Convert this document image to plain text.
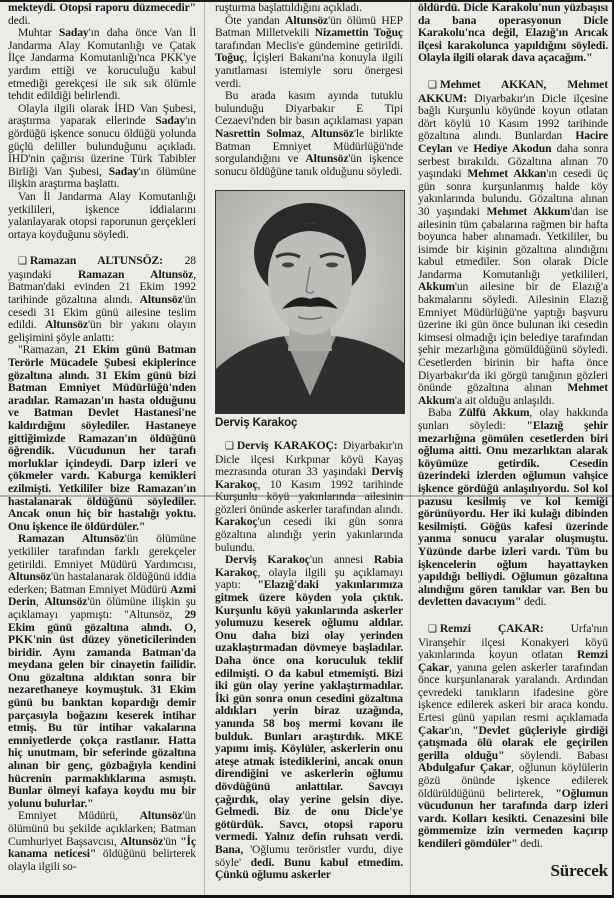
mekteydi. Otopsi raporu düzmecedir" dedi.

Muhtar Saday'ın daha önce Van İl Jandarma Alay Komutanlığı ve Çatak İlçe Jandarma Komutanlığı'nca PKK'ye yardım ettiği ve koruculuğu kabul etmediği gerekçesi ile sık sık ölümle tehdit edildiği belirlendi.

Olayla ilgili olarak İHD Van Şubesi, araştırma yaparak ellerinde Saday'ın gördüğü işkence sonucu öldüğü yolunda güçlü deliller bulunduğunu açıkladı. İHD'nin çağırısı üzerine Türk Tabibler Birliği Van Şubesi, Saday'ın ölümüne ilişkin araştırma başlattı.

Van İl Jandarma Alay Komutanlığı yetkilileri, işkence iddialarını yalanlayarak otopsi raporunun gerçekleri ortaya koyduğunu söyledi.

❑ Ramazan ALTUNSÖZ: 28 yaşındaki Ramazan Altunsöz, Batman'daki evinden 21 Ekim 1992 tarihinde gözaltına alındı. Altunsöz'ün cesedi 31 Ekim günü ailesine teslim edildi. Altunsöz'ün bir yakını olayın gelişimini şöyle anlattı:

"Ramazan, 21 Ekim günü Batman Terörle Mücadele Şubesi ekiplerince gözaltına alındı. 31 Ekim günü bizi Batman Emniyet Müdürlüğü'nden aradılar. Ramazan'ın hasta olduğunu ve Batman Devlet Hastanesi'ne kaldırdığını söylediler. Hastaneye gittiğimizde Ramazan'ın öldüğünü öğrendik. Vücudunun her tarafı morluklar içindeydi. Darp izleri ve çökmeler vardı. Kaburga kemikleri ezilmişti. Yetkililer bize Ramazan'ın hastalanarak öldüğünü söylediler. Ancak onun hiç bir hastalığı yoktu. Onu işkence ile öldürdüler."

Ramazan Altunsöz'ün ölümüne yetkililer tarafından farklı gerekçeler getirildi. Emniyet Müdürü Yardımcısı, Altunsöz'ün hastalanarak öldüğünü iddia ederken; Batman Emniyet Müdürü Azmi Derin, Altunsöz'ün ölümüne ilişkin şu açıklamayı yapmıştı: "Altunsöz, 29 Ekim günü gözaltına alındı. O, PKK'nin üst düzey yöneticilerinden biridir. Aynı zamanda Batman'da meydana gelen bir cinayetin failidir. Onu gözaltına aldıktan sonra bir nezarethaneye koymuştuk. 31 Ekim günü bu banktan kopardığı demir parçasıyla boğazını keserek intihar etmiş. Bu tür intihar vakalarına emniyetlerde çokça rastlanır. Hatta hiç unutmam, bir seferinde gözaltına alınan bir genç, gözbağıyla kendini hücrenin parmaklıklarına asmıştı. Bunlar ölmeyi kafaya koydu mu bir yolunu bulurlar."

Emniyet Müdürü, Altunsöz'ün ölümünü bu şekilde açıklarken; Batman Cumhuriyet Başsavcısı, Altunsöz'ün "İç kanama neticesi" öldüğünü belirterek olayla ilgili so-

ruşturma başlattıldığını açıkladı.

Öte yandan Altunsöz'ün ölümü HEP Batman Milletvekili Nizamettin Toğuç tarafından Meclis'e gündemine getirildi. Toğuç, İçişleri Bakanı'na konuyla ilgili yanıtlaması istemiyle soru önergesi verdi.

Bu arada kasım ayında tutuklu bulunduğu Diyarbakır E Tipi Cezaevi'nden bir basın açıklaması yapan Nasrettin Solmaz, Altunsöz'le birlikte Batman Emniyet Müdürlüğü'nde sorgulandığını ve Altunsöz'ün işkence sonucu öldüğüne tanık olduğunu söyledi.

Derviş Karakoç

❑ Derviş KARAKOÇ: Diyarbakır'ın Dicle ilçesi Kırkpınar köyü Kayaş mezrasında oturan 33 yaşındaki Derviş Karakoç, 10 Kasım 1992 tarihinde Kurşunlu köyü yakınlarında ailesinin gözleri önünde askerler tarafından alındı. Karakoç'un cesedi iki gün sonra gözaltına alındığı yerin yakınlarında bulundu.

Derviş Karakoç'un annesi Rabia Karakoç, olayla ilgili şu açıklamayı yaptı: "Elazığ'daki yakınlarımıza gitmek üzere köyden yola çıktık. Kurşunlu köyü yakınlarında askerler yolumuzu keserek oğlumu aldılar. Onu daha bizi olay yerinden uzaklaştırmadan dövmeye başladılar. Daha önce ona koruculuk teklif edilmişti. O da kabul etmemişti. Bizi iki gün olay yerine yaklaştırmadılar. İki gün sonra onun cesedini gözaltına aldıkları yerin biraz uzağında, yanında 58 boş mermi kovanı ile bulduk. Bunları araştırdık. MKE yapımı imiş. Köylüler, askerlerin onu ateşe atmak istediklerini, ancak onun direndiğini ve askerlerin oğlumu dövdüğünü anlattılar. Savcıyı çağırdık, olay yerine gelsin diye. Gelmedi. Biz de onu Dicle'ye götürdük. Savcı, otopsi raporu vermedi. Yalnız defin ruhsatı verdi. Bana, 'Oğlumu teröristler vurdu, diye söyle' dedi. Bunu kabul etmedim. Çünkü oğlumu askerler

öldürdü. Dicle Karakolu'nun yüzbaşısı da bana operasyonun Dicle Karakolu'nca değil, Elazığ'ın Arıcak ilçesi karakolunca yapıldığını söyledi. Olayla ilgili olarak dava açacağım."

❑ Mehmet AKKAN, Mehmet AKKUM: Diyarbakır'ın Dicle ilçesine bağlı Kurşunlu köyünde koyun otlatan dört köylü 10 Kasım 1992 tarihinde gözaltına alındı. Bunlardan Hacire Ceylan ve Hediye Akodun daha sonra serbest bırakıldı. Gözaltına alınan 70 yaşındaki Mehmet Akkan'ın cesedi üç gün sonra kurşunlanmış halde köy yakınlarında bulundu. Gözaltına alınan 30 yaşındaki Mehmet Akkum'dan ise ailesinin tüm çabalarına rağmen bir hafta boyunca haber alınamadı. Yetkililer, bu isimde bir kişinin gözaltına alındığını kabul etmediler. Son olarak Dicle Jandarma Komutanlığı yetkilileri, Akkum'un ailesine bir de Elazığ'a bakmalarını söyledi. Ailesinin Elazığ Emniyet Müdürlüğü'ne yaptığı başvuru üzerine iki gün önce bulunan iki cesedin kimsesi olmadığı için belediye tarafından şehir mezarlığına gömüldüğünü söyledi. Cesetlerden birinin bir hafta önce Diyarbakır'da iki görgü tanığının gözleri önünde gözaltına alınan Mehmet Akkum'a ait olduğu anlaşıldı.

Baba Zülfü Akkum, olay hakkında şunları söyledi: "Elazığ şehir mezarlığına gömülen cesetlerden biri oğluma aitti. Onu mezarlıktan alarak köyümüze getirdik. Cesedin üzerindeki izlerden oğlumun vahşice işkence gördüğü anlaşılıyordu. Sol kol pazusu kesilmiş ve kol kemiği görünüyordu. Her iki kulağı dibinden kesilmişti. Göğüs kafesi üzerinde yanma sonucu yaralar oluşmuştu. Yüzünde darbe izleri vardı. Tüm bu işkencelerin oğlum hayattayken yapıldığı belliydi. Oğlumun gözaltına alındığını gören tanıklar var. Ben bu devletten davacıyım" dedi.

❑ Remzi ÇAKAR: Urfa'nın Viranşehir ilçesi Konakyeri köyü yakınlarında koyun otlatan Remzi Çakar, yanına gelen askerler tarafından önce kurşunlanarak yaralandı. Ardından çevredeki tanıkların ifadesine göre işkence edilerek askeri bir araca kondu. Ertesi günü yapılan resmi açıklamada Çakar'ın, "Devlet güçleriyle girdiği çatışmada ölü olarak ele geçirilen gerilla olduğu" söylendi. Babası Abdulgafur Çakar, oğlunun köylülerin gözü önünde işkence edilerek öldürüldüğünü belirterek, "Oğlumun vücudunun her tarafında darp izleri vardı. Kolları kesikti. Cenazesini bile gömmemize izin vermeden kaçırıp kendileri gömdüler" dedi.

Sürecek
